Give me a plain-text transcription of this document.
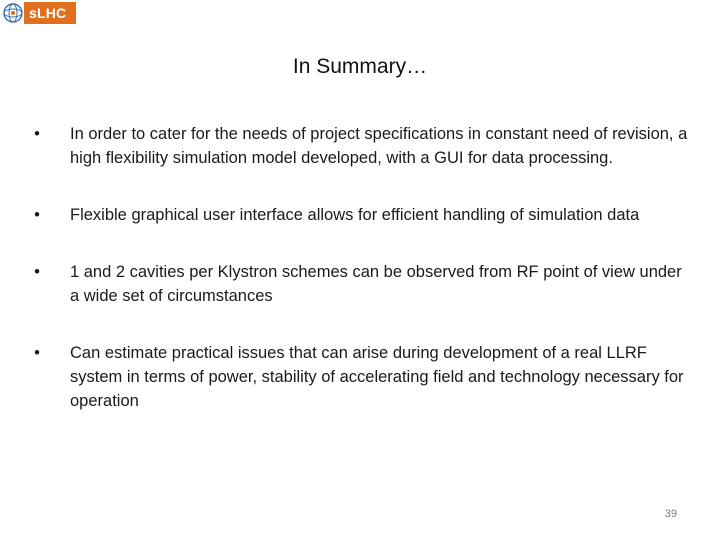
sLHC
In Summary…
• In order to cater for the needs of project specifications in constant need of revision, a high flexibility simulation model developed, with a GUI for data processing.
• Flexible graphical user interface allows for efficient handling of simulation data
• 1 and 2 cavities per Klystron schemes can be observed from RF point of view under a wide set of circumstances
• Can estimate practical issues that can arise during development of a real LLRF system in terms of power, stability of accelerating field and technology necessary for operation
39
